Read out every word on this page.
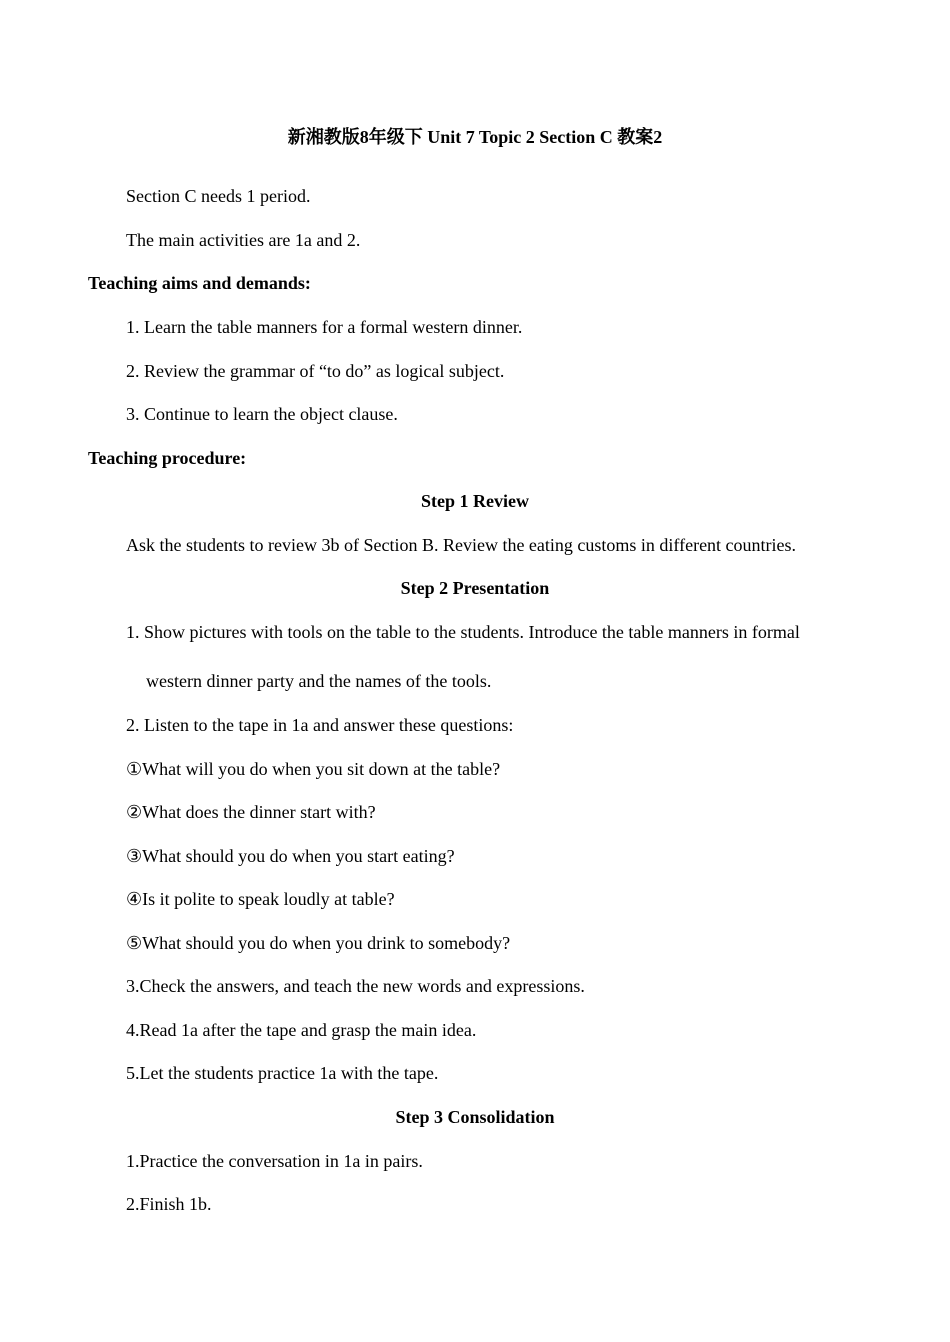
新湘教版8年级下 Unit 7 Topic 2 Section C 教案2
Section C needs 1 period.
The main activities are 1a and 2.
Teaching aims and demands:
1. Learn the table manners for a formal western dinner.
2. Review the grammar of “to do” as logical subject.
3. Continue to learn the object clause.
Teaching procedure:
Step 1 Review
Ask the students to review 3b of Section B. Review the eating customs in different countries.
Step 2 Presentation
1. Show pictures with tools on the table to the students. Introduce the table manners in formal
western dinner party and the names of the tools.
2. Listen to the tape in 1a and answer these questions:
①What will you do when you sit down at the table?
②What does the dinner start with?
③What should you do when you start eating?
④Is it polite to speak loudly at table?
⑤What should you do when you drink to somebody?
3.Check the answers, and teach the new words and expressions.
4.Read 1a after the tape and grasp the main idea.
5.Let the students practice 1a with the tape.
Step 3 Consolidation
1.Practice the conversation in 1a in pairs.
2.Finish 1b.
